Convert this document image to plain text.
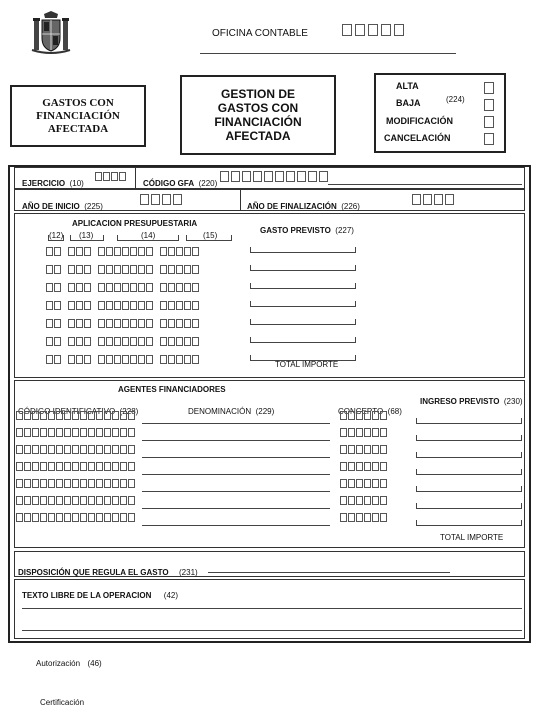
OFICINA CONTABLE
GASTOS CON FINANCIACIÓN AFECTADA
GESTION DE GASTOS CON FINANCIACIÓN AFECTADA
ALTA
BAJA
MODIFICACIÓN
CANCELACIÓN
(224)
EJERCICIO (10)	CÓDIGO GFA (220)
AÑO DE INICIO (225)	AÑO DE FINALIZACIÓN (226)
APLICACION PRESUPUESTARIA
(12) (13)	(14)	(15)
GASTO PREVISTO (227)
TOTAL IMPORTE
AGENTES FINANCIADORES
CÓDIGO IDENTIFICATIVO (228)	DENOMINACIÓN (229)	CONCEPTO (68)
INGRESO PREVISTO (230)
TOTAL IMPORTE
DISPOSICIÓN QUE REGULA EL GASTO (231)
TEXTO LIBRE DE LA OPERACION (42)
Autorización (46)
Certificación
